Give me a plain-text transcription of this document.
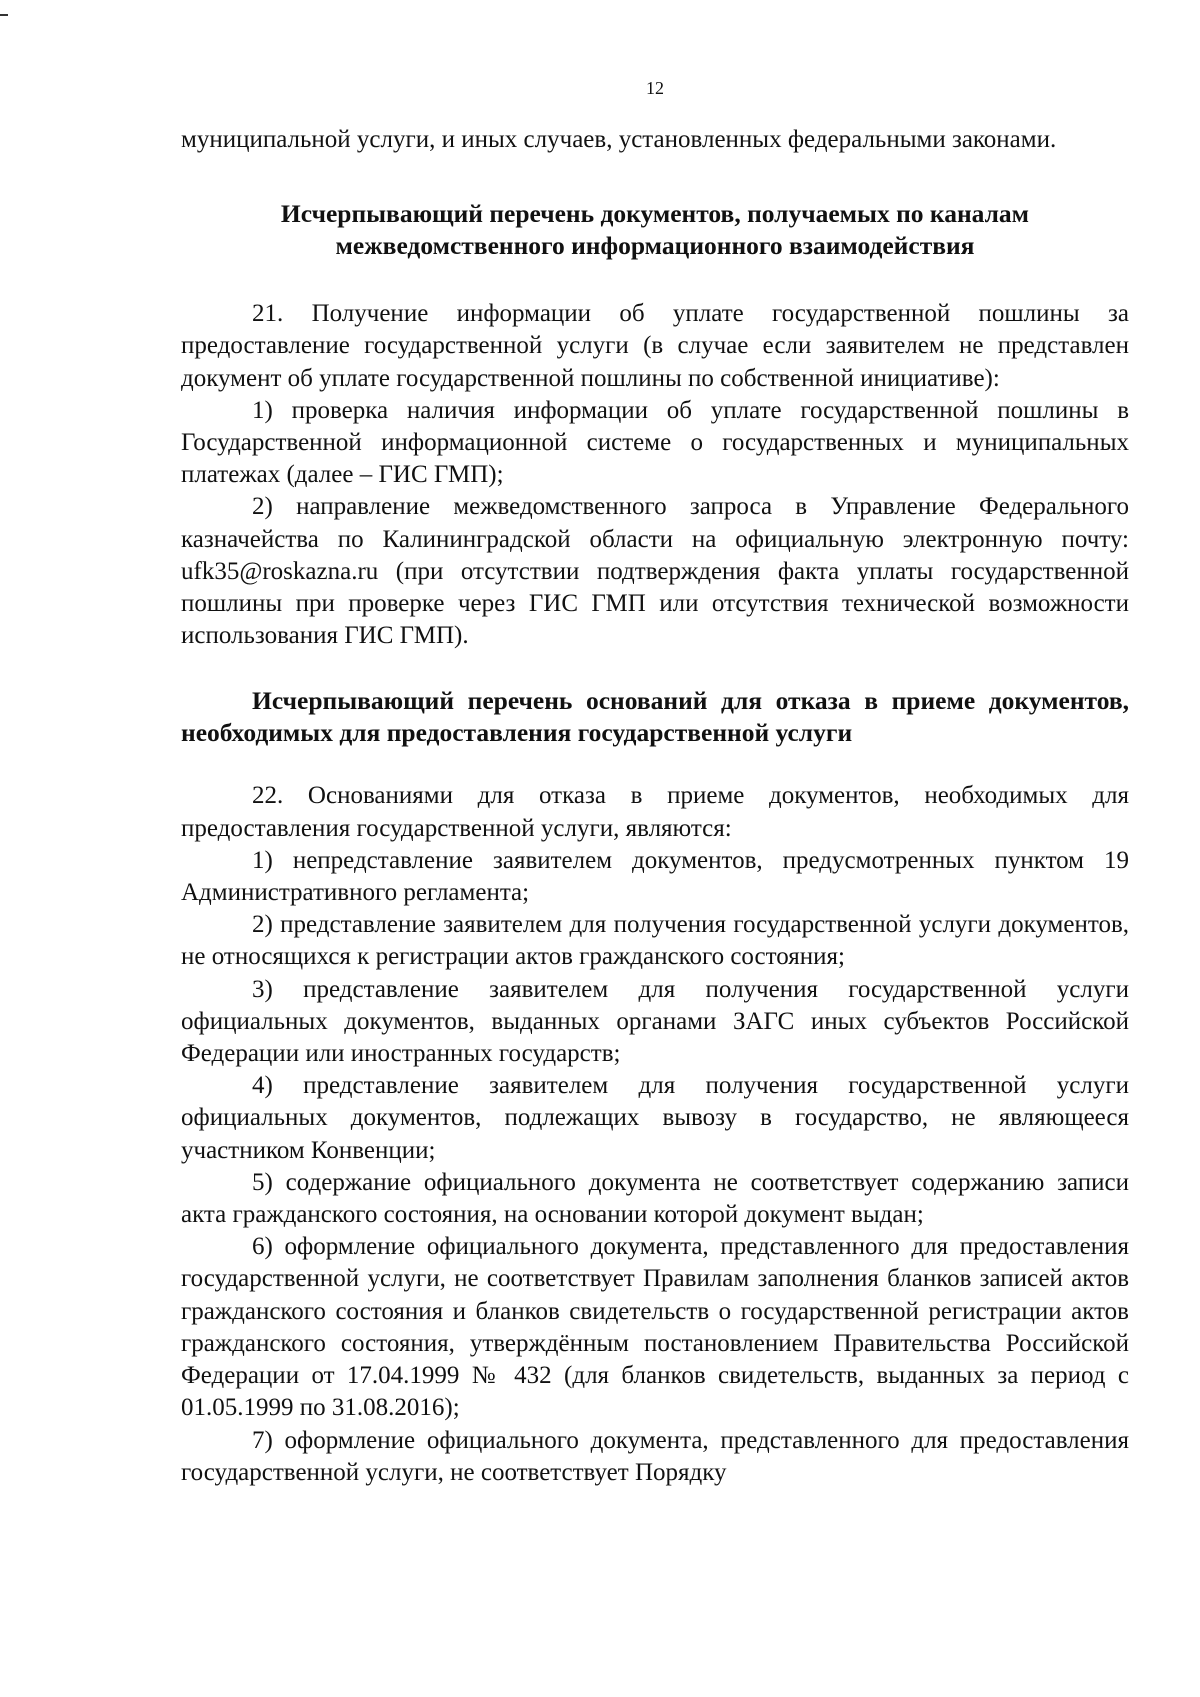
12

муниципальной услуги, и иных случаев, установленных федеральными законами.

Исчерпывающий перечень документов, получаемых по каналам
межведомственного информационного взаимодействия

21. Получение информации об уплате государственной пошлины за предоставление государственной услуги (в случае если заявителем не представлен документ об уплате государственной пошлины по собственной инициативе):

1) проверка наличия информации об уплате государственной пошлины в Государственной информационной системе о государственных и муниципальных платежах (далее – ГИС ГМП);

2) направление межведомственного запроса в Управление Федерального казначейства по Калининградской области на официальную электронную почту: ufk35@roskazna.ru (при отсутствии подтверждения факта уплаты государственной пошлины при проверке через ГИС ГМП или отсутствия технической возможности использования ГИС ГМП).

Исчерпывающий перечень оснований для отказа в приеме документов, необходимых для предоставления государственной услуги

22. Основаниями для отказа в приеме документов, необходимых для предоставления государственной услуги, являются:

1) непредставление заявителем документов, предусмотренных пунктом 19 Административного регламента;

2) представление заявителем для получения государственной услуги документов, не относящихся к регистрации актов гражданского состояния;

3) представление заявителем для получения государственной услуги официальных документов, выданных органами ЗАГС иных субъектов Российской Федерации или иностранных государств;

4) представление заявителем для получения государственной услуги официальных документов, подлежащих вывозу в государство, не являющееся участником Конвенции;

5) содержание официального документа не соответствует содержанию записи акта гражданского состояния, на основании которой документ выдан;

6) оформление официального документа, представленного для предоставления государственной услуги, не соответствует Правилам заполнения бланков записей актов гражданского состояния и бланков свидетельств о государственной регистрации актов гражданского состояния, утверждённым постановлением Правительства Российской Федерации от 17.04.1999 № 432 (для бланков свидетельств, выданных за период с 01.05.1999 по 31.08.2016);

7) оформление официального документа, представленного для предоставления государственной услуги, не соответствует Порядку
